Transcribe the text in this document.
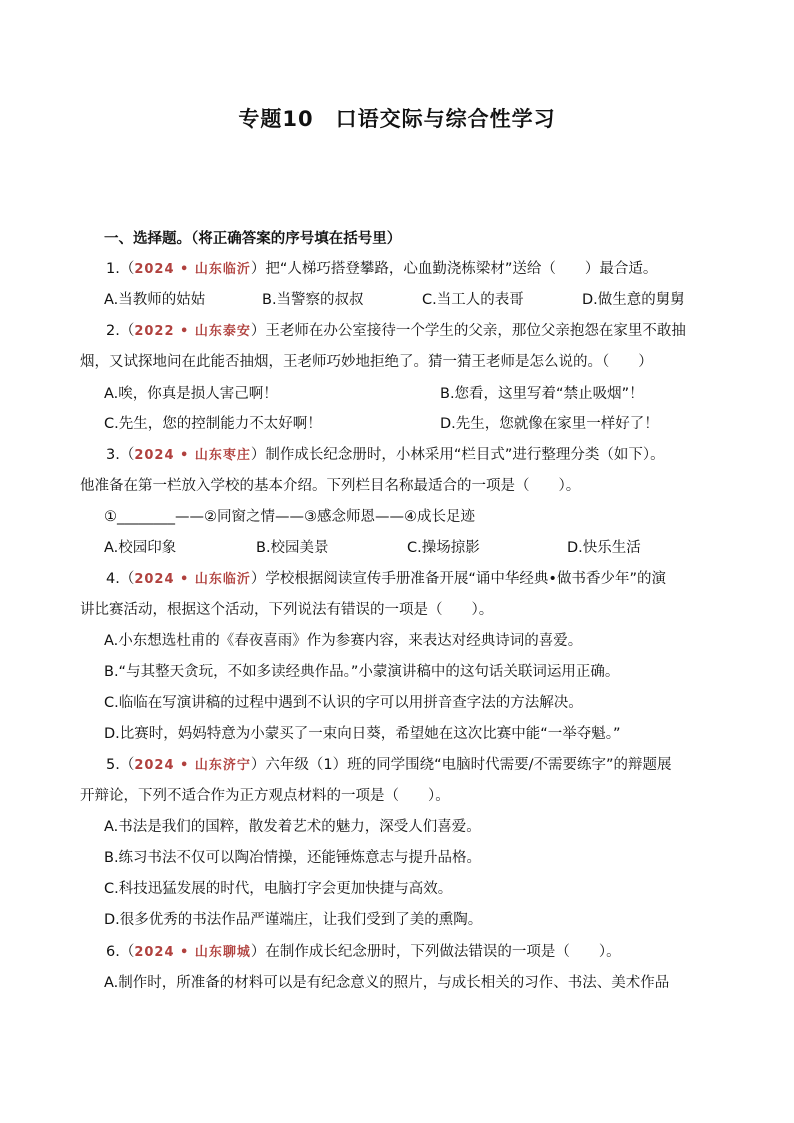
专题10　口语交际与综合性学习
一、选择题。（将正确答案的序号填在括号里）
1.（2024 • 山东临沂）把“人梯巧搭登攀路，心血勤浇栋梁材”送给（　　）最合适。
A.当教师的姑姑	B.当警察的叔叔	C.当工人的表哥	D.做生意的舅舅
2.（2022 • 山东泰安）王老师在办公室接待一个学生的父亲，那位父亲抱怨在家里不敢抽
烟，又试探地问在此能否抽烟，王老师巧妙地拒绝了。猜一猜王老师是怎么说的。（　　）
A.唉，你真是损人害己啊！	B.您看，这里写着“禁止吸烟”！
C.先生，您的控制能力不太好啊！	D.先生，您就像在家里一样好了！
3.（2024 • 山东枣庄）制作成长纪念册时，小林采用“栏目式”进行整理分类（如下）。
他准备在第一栏放入学校的基本介绍。下列栏目名称最适合的一项是（　　）。
①________——②同窗之情——③感念师恩——④成长足迹
A.校园印象	B.校园美景	C.操场掠影	D.快乐生活
4.（2024 • 山东临沂）学校根据阅读宣传手册准备开展“诵中华经典•做书香少年”的演
讲比赛活动，根据这个活动，下列说法有错误的一项是（　　）。
A.小东想选杜甫的《春夜喜雨》作为参赛内容，来表达对经典诗词的喜爱。
B.“与其整天贪玩，不如多读经典作品。”小蒙演讲稿中的这句话关联词运用正确。
C.临临在写演讲稿的过程中遇到不认识的字可以用拼音查字法的方法解决。
D.比赛时，妈妈特意为小蒙买了一束向日葵，希望她在这次比赛中能“一举夺魁。”
5.（2024 • 山东济宁）六年级（1）班的同学围绕“电脑时代需要/不需要练字”的辩题展
开辩论，下列不适合作为正方观点材料的一项是（　　）。
A.书法是我们的国粹，散发着艺术的魅力，深受人们喜爱。
B.练习书法不仅可以陶冶情操，还能锤炼意志与提升品格。
C.科技迅猛发展的时代，电脑打字会更加快捷与高效。
D.很多优秀的书法作品严谨端庄，让我们受到了美的熏陶。
6.（2024 • 山东聊城）在制作成长纪念册时，下列做法错误的一项是（　　）。
A.制作时，所准备的材料可以是有纪念意义的照片，与成长相关的习作、书法、美术作品
